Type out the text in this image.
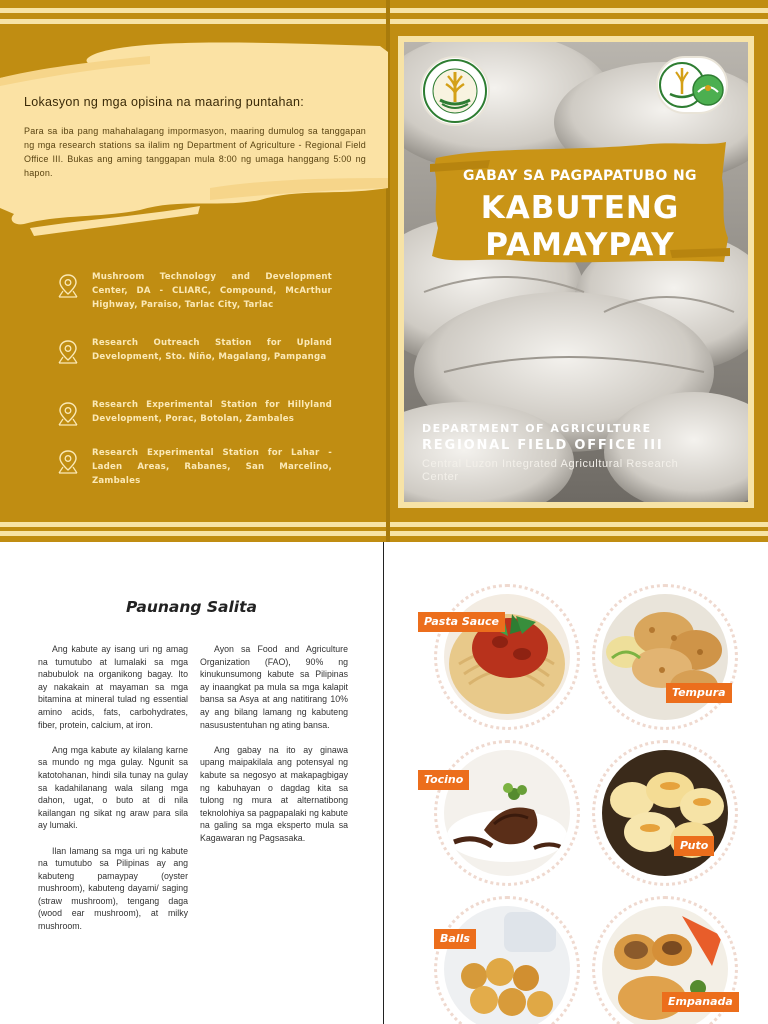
Lokasyon ng mga opisina na maaring puntahan:
Para sa iba pang mahahalagang impormasyon, maaring dumulog sa tanggapan ng mga research stations sa ilalim ng Department of Agriculture - Regional Field Office III. Bukas ang aming tanggapan mula 8:00 ng umaga hanggang 5:00 ng hapon.
Mushroom Technology and Development Center, DA - CLIARC, Compound, McArthur Highway, Paraiso, Tarlac City, Tarlac
Research Outreach Station for Upland Development, Sto. Niño, Magalang, Pampanga
Research Experimental Station for Hillyland Development, Porac, Botolan, Zambales
Research Experimental Station for Lahar - Laden Areas, Rabanes, San Marcelino, Zambales
GABAY SA PAGPAPATUBO NG
KABUTENG
PAMAYPAY
DEPARTMENT OF AGRICULTURE
REGIONAL FIELD OFFICE III
Central Luzon Integrated Agricultural Research Center
Paunang Salita

Ang kabute ay isang uri ng amag na tumutubo at lumalaki sa mga nabubulok na organikong bagay. Ito ay nakakain at mayaman sa mga bitamina at mineral tulad ng essential amino acids, fats, carbohydrates, fiber, protein, calcium, at iron.

Ang mga kabute ay kilalang karne sa mundo ng mga gulay. Ngunit sa katotohanan, hindi sila tunay na gulay sa kadahilanang wala silang mga dahon, ugat, o buto at di nila kailangan ng sikat ng araw para sila ay lumaki.

Ilan lamang sa mga uri ng kabute na tumutubo sa Pilipinas ay ang kabuteng pamaypay (oyster mushroom), kabuteng dayami/ saging (straw mushroom), tengang daga (wood ear mushroom), at milky mushroom.

Ayon sa Food and Agriculture Organization (FAO), 90% ng kinukunsumong kabute sa Pilipinas ay inaangkat pa mula sa mga kalapit bansa sa Asya at ang natitirang 10% ay ang bilang lamang ng kabuteng nasusustentuhan ng ating bansa.

Ang gabay na ito ay ginawa upang maipakilala ang potensyal ng kabute sa negosyo at makapagbigay ng kabuhayan o dagdag kita sa tulong ng mura at alternatibong teknolohiya sa pagpapalaki ng kabute na galing sa mga eksperto mula sa Kagawaran ng Pagsasaka.

Pasta Sauce
Tempura
Tocino
Puto
Balls
Empanada
